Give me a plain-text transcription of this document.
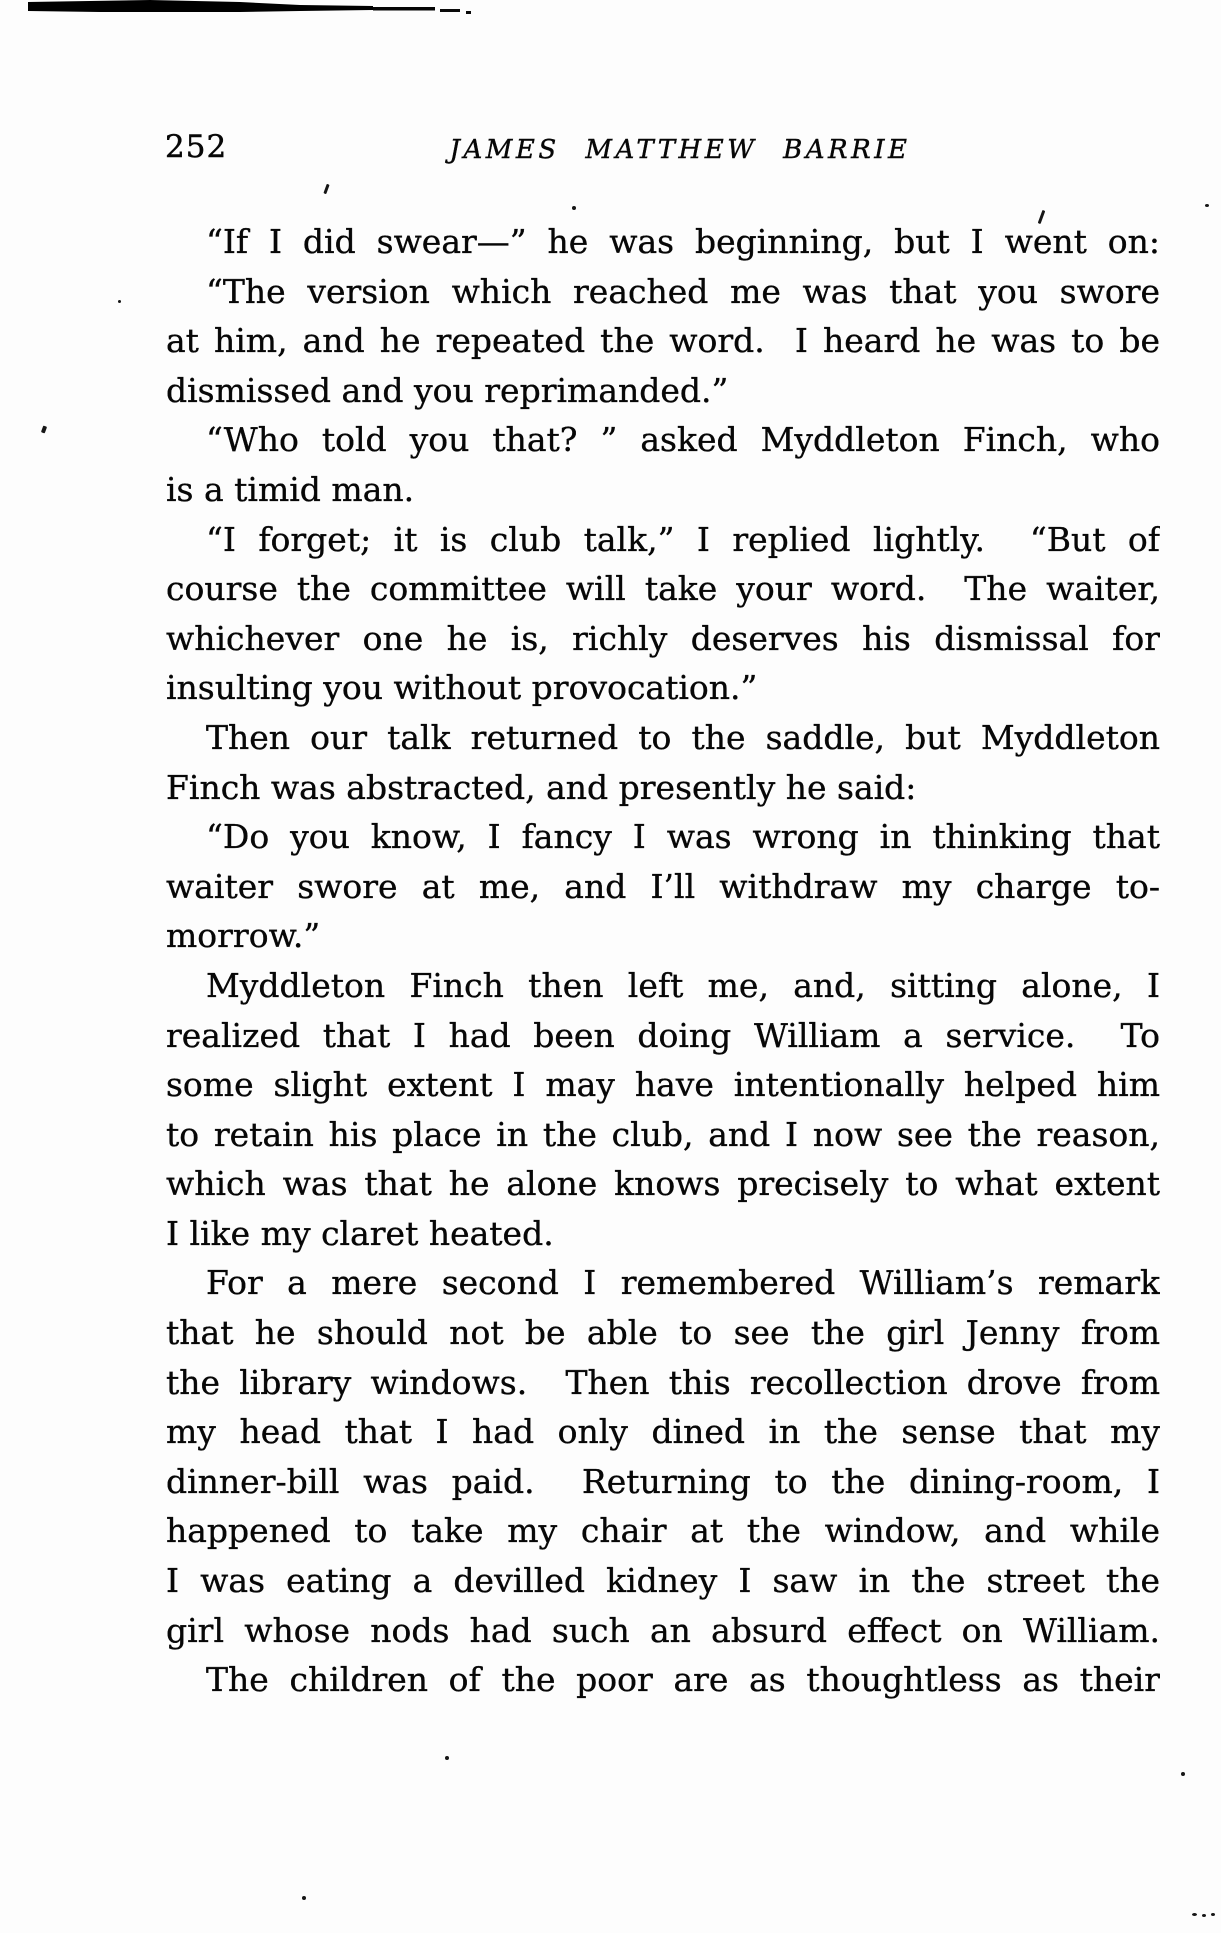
252	JAMES MATTHEW BARRIE
“If I did swear—” he was beginning, but I went on:
“The version which reached me was that you swore
at him, and he repeated the word.  I heard he was to be
dismissed and you reprimanded.”
“Who told you that? ” asked Myddleton Finch, who
is a timid man.
“I forget; it is club talk,” I replied lightly.  “But of
course the committee will take your word.  The waiter,
whichever one he is, richly deserves his dismissal for
insulting you without provocation.”
Then our talk returned to the saddle, but Myddleton
Finch was abstracted, and presently he said:
“Do you know, I fancy I was wrong in thinking that
waiter swore at me, and I’ll withdraw my charge to-
morrow.”
Myddleton Finch then left me, and, sitting alone, I
realized that I had been doing William a service.  To
some slight extent I may have intentionally helped him
to retain his place in the club, and I now see the reason,
which was that he alone knows precisely to what extent
I like my claret heated.
For a mere second I remembered William’s remark
that he should not be able to see the girl Jenny from
the library windows.  Then this recollection drove from
my head that I had only dined in the sense that my
dinner-bill was paid.  Returning to the dining-room, I
happened to take my chair at the window, and while
I was eating a devilled kidney I saw in the street the
girl whose nods had such an absurd effect on William.
The children of the poor are as thoughtless as their
